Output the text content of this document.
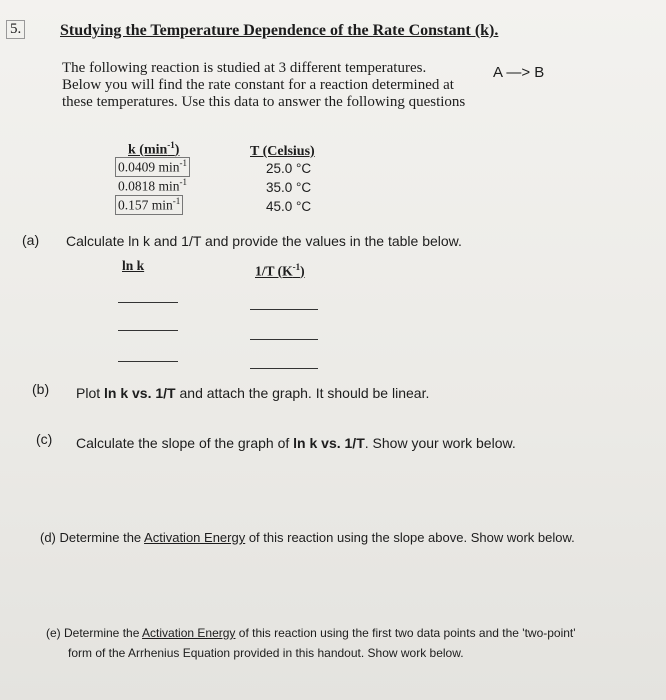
5. Studying the Temperature Dependence of the Rate Constant (k).
The following reaction is studied at 3 different temperatures.
Below you will find the rate constant for a reaction determined at
these temperatures. Use this data to answer the following questions
A —> B
k $(\min^{-1})$	T (Celsius)
0.0409 $\min^{-1}$
0.0818 $\min^{-1}$
0.157 $\min^{-1}$
25.0 °C
35.0 °C
45.0 °C
(a) Calculate ln k and 1/T and provide the values in the table below.
ln k	1/T $(K^{-1})$
(b) Plot ln k vs. 1/T and attach the graph. It should be linear.
(c) Calculate the slope of the graph of ln k vs. 1/T. Show your work below.
(d) Determine the Activation Energy of this reaction using the slope above. Show work below.
(e) Determine the Activation Energy of this reaction using the first two data points and the 'two-point'
form of the Arrhenius Equation provided in this handout. Show work below.
